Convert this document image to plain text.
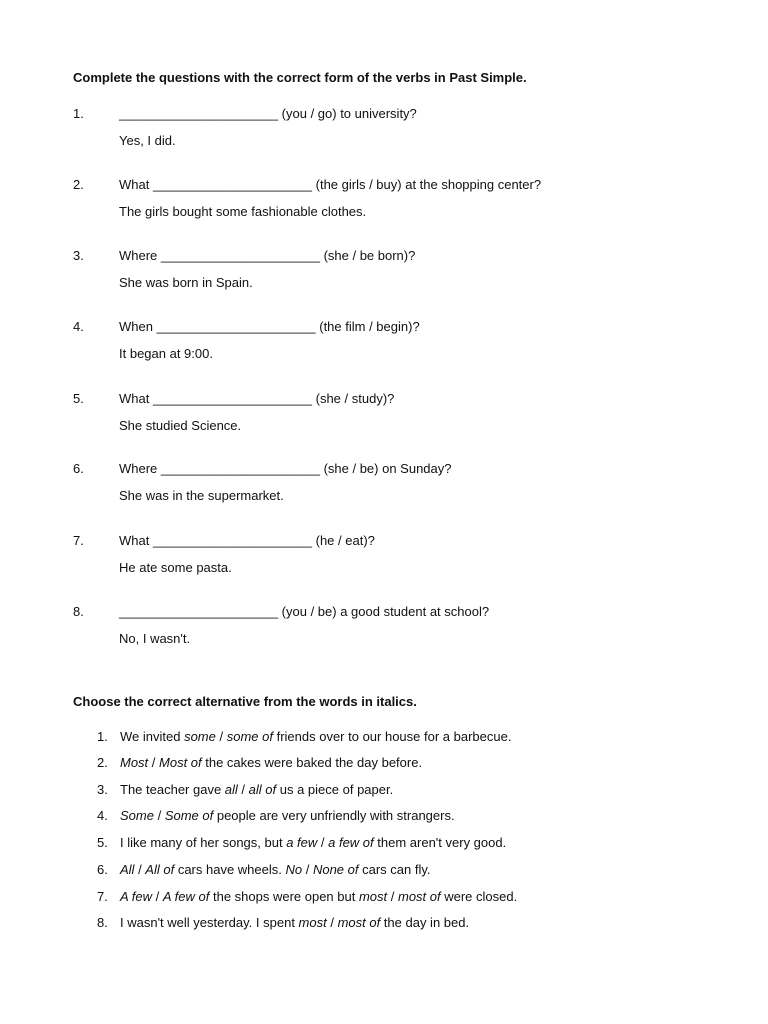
Complete the questions with the correct form of the verbs in Past Simple.
1.	______________________ (you / go) to university?
Yes, I did.
2.	What ______________________ (the girls / buy) at the shopping center?
The girls bought some fashionable clothes.
3.	Where ______________________ (she / be born)?
She was born in Spain.
4.	When ______________________ (the film / begin)?
It began at 9:00.
5.	What ______________________ (she / study)?
She studied Science.
6.	Where ______________________ (she / be) on Sunday?
She was in the supermarket.
7.	What ______________________ (he / eat)?
He ate some pasta.
8.	______________________ (you / be) a good student at school?
No, I wasn't.
Choose the correct alternative from the words in italics.
1. We invited some / some of friends over to our house for a barbecue.
2. Most / Most of the cakes were baked the day before.
3. The teacher gave all / all of us a piece of paper.
4. Some / Some of people are very unfriendly with strangers.
5. I like many of her songs, but a few / a few of them aren't very good.
6. All / All of cars have wheels. No / None of cars can fly.
7. A few / A few of the shops were open but most / most of were closed.
8. I wasn't well yesterday. I spent most / most of the day in bed.
